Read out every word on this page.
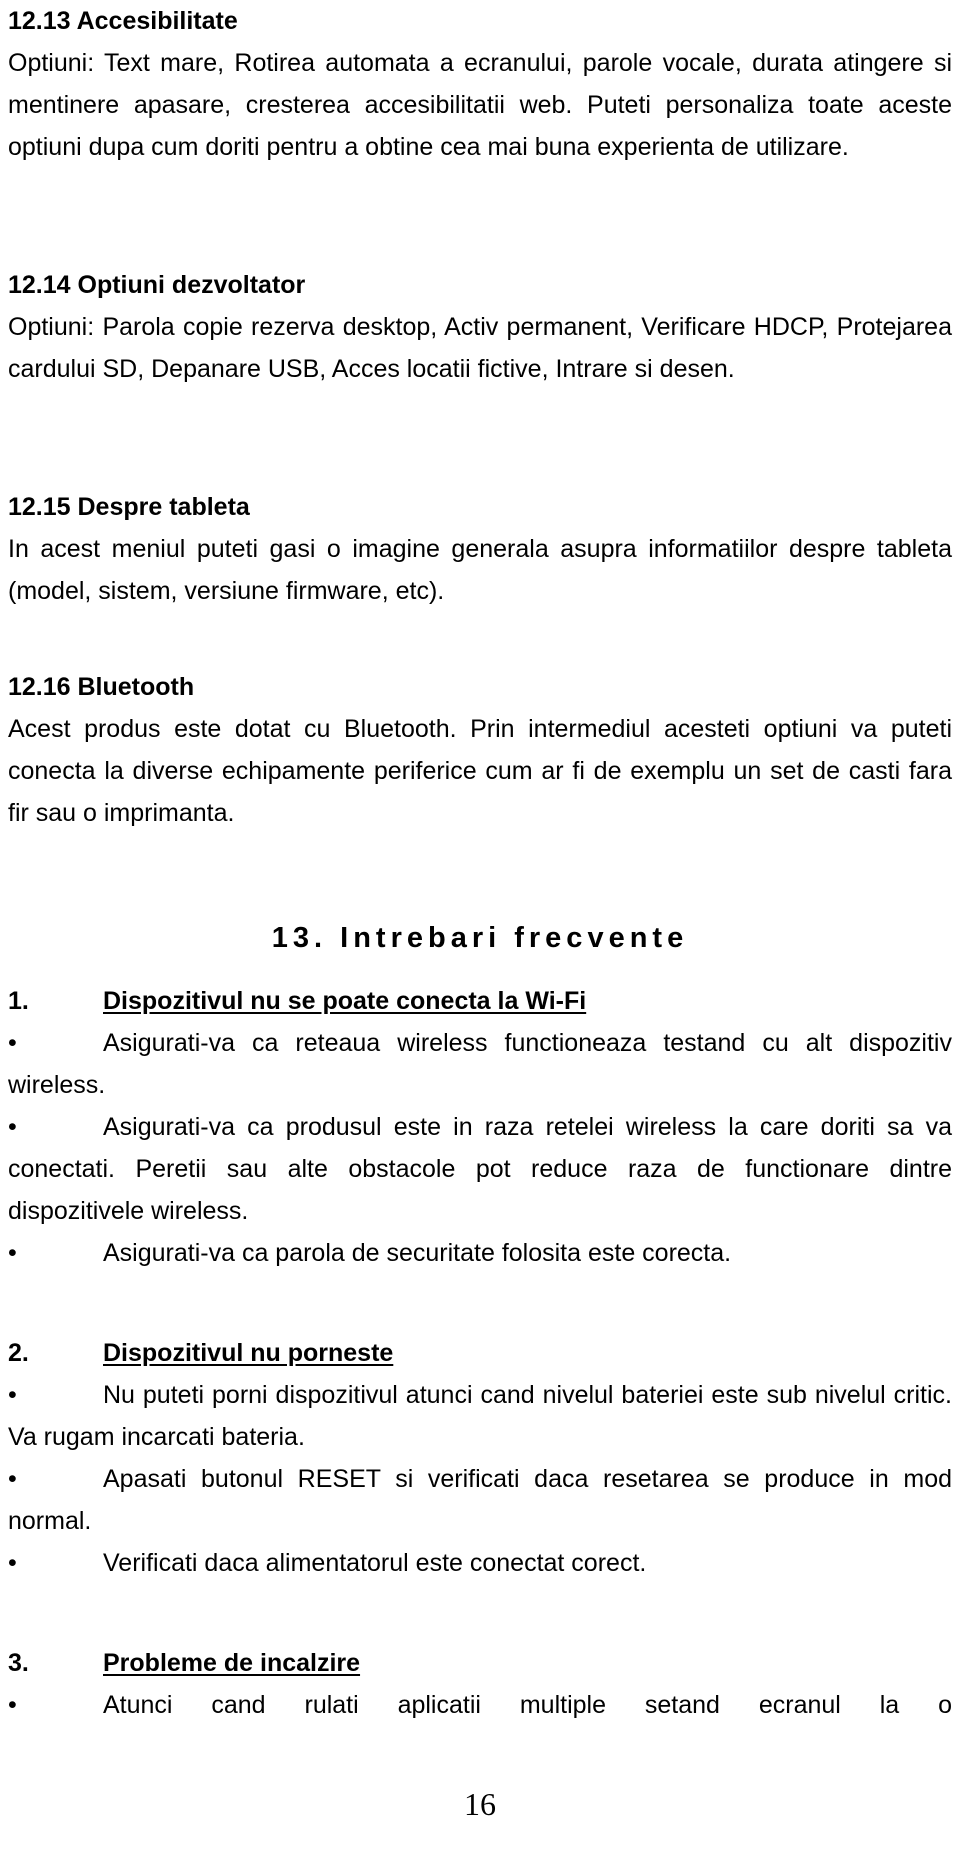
12.13 Accesibilitate

Optiuni: Text mare, Rotirea automata a ecranului, parole vocale, durata atingere si mentinere apasare, cresterea accesibilitatii web. Puteti personaliza toate aceste optiuni dupa cum doriti pentru a obtine cea mai buna experienta de utilizare.

12.14 Optiuni dezvoltator

Optiuni: Parola copie rezerva desktop, Activ permanent, Verificare HDCP, Protejarea cardului SD, Depanare USB, Acces locatii fictive, Intrare si desen.

12.15 Despre tableta

In acest meniul puteti gasi o imagine generala asupra informatiilor despre tableta (model, sistem, versiune firmware, etc).

12.16 Bluetooth

Acest produs este dotat cu Bluetooth. Prin intermediul acesteti optiuni va puteti conecta la diverse echipamente periferice cum ar fi de exemplu un set de casti fara fir sau o imprimanta.

13. Intrebari frecvente
1.	Dispozitivul nu se poate conecta la Wi-Fi

•	Asigurati-va ca reteaua wireless functioneaza testand cu alt dispozitiv wireless.

•	Asigurati-va ca produsul este in raza retelei wireless la care doriti sa va conectati. Peretii sau alte obstacole pot reduce raza de functionare dintre dispozitivele wireless.

•	Asigurati-va ca parola de securitate folosita este corecta.

2.	Dispozitivul nu porneste

•	Nu puteti porni dispozitivul atunci cand nivelul bateriei este sub nivelul critic. Va rugam incarcati bateria.

•	Apasati butonul RESET si verificati daca resetarea se produce in mod normal.

•	Verificati daca alimentatorul este conectat corect.

3.	Probleme de incalzire

•	Atunci cand rulati aplicatii multiple setand ecranul la o

16
